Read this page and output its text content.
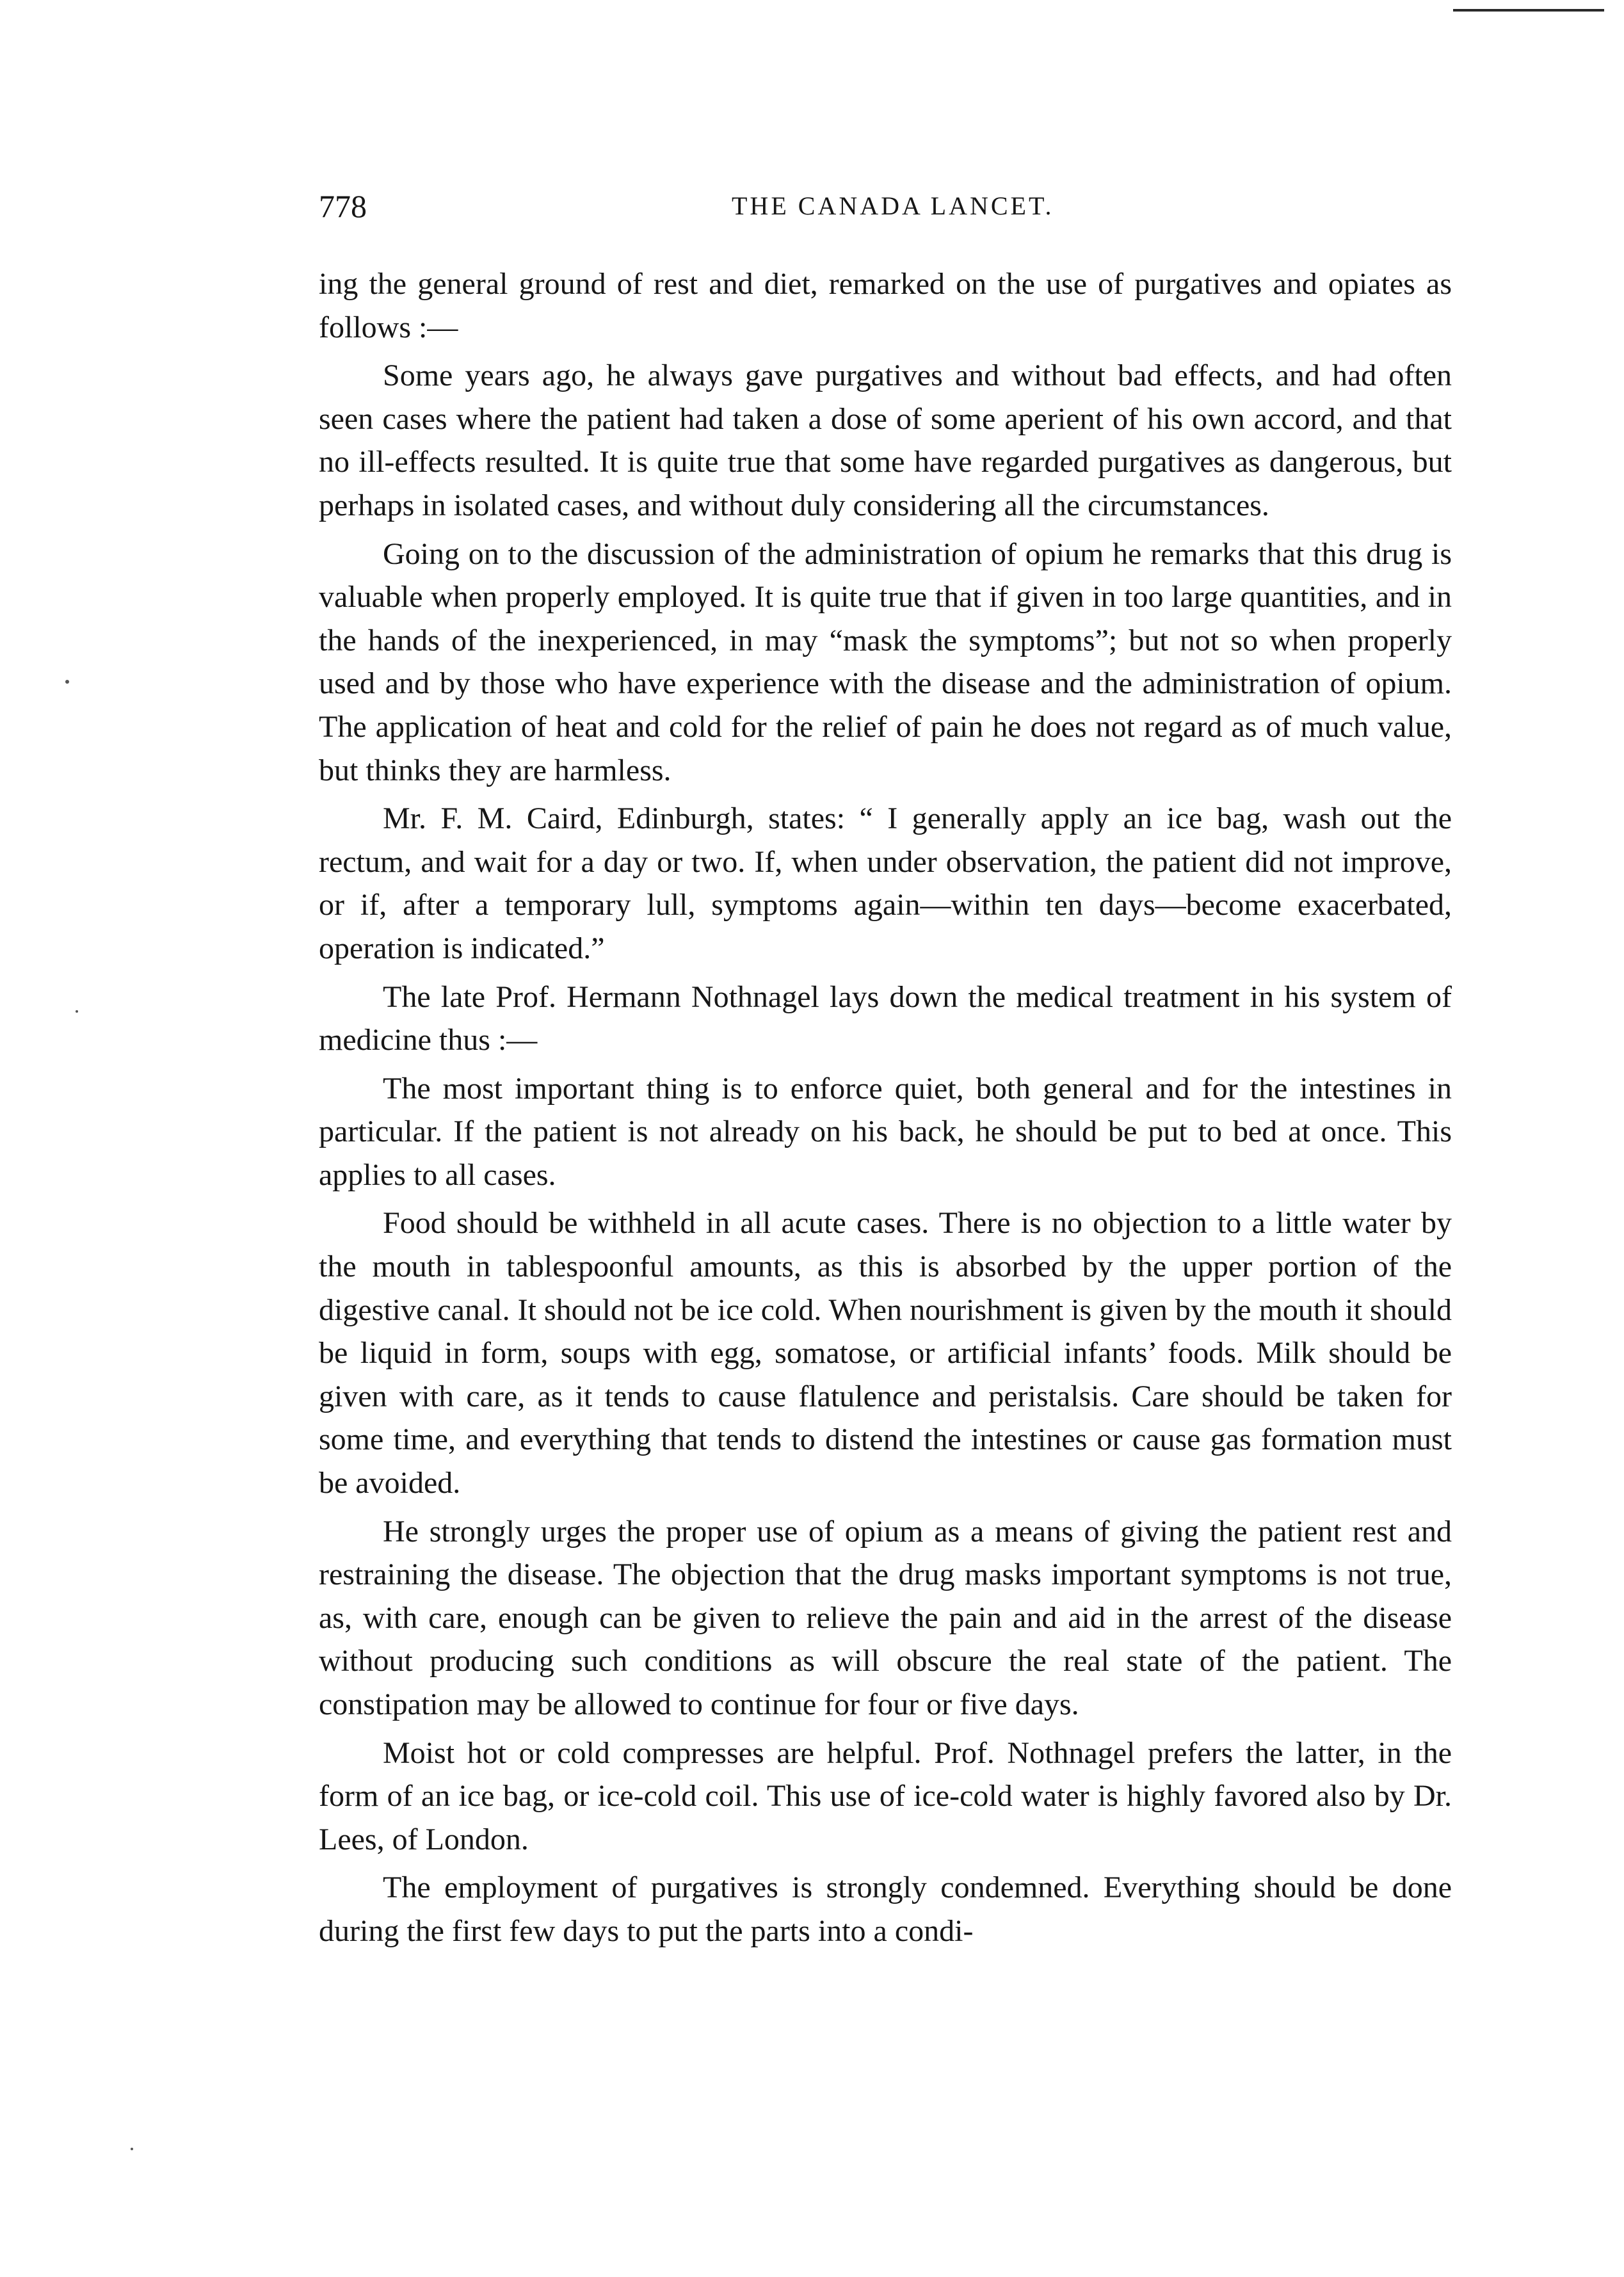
778	THE CANADA LANCET.

ing the general ground of rest and diet, remarked on the use of purgatives and opiates as follows :—

Some years ago, he always gave purgatives and without bad effects, and had often seen cases where the patient had taken a dose of some aperient of his own accord, and that no ill-effects resulted. It is quite true that some have regarded purgatives as dangerous, but perhaps in isolated cases, and without duly considering all the circumstances.

Going on to the discussion of the administration of opium he remarks that this drug is valuable when properly employed. It is quite true that if given in too large quantities, and in the hands of the inexperienced, in may “mask the symptoms”; but not so when properly used and by those who have experience with the disease and the administration of opium. The application of heat and cold for the relief of pain he does not regard as of much value, but thinks they are harmless.

Mr. F. M. Caird, Edinburgh, states: “ I generally apply an ice bag, wash out the rectum, and wait for a day or two. If, when under observation, the patient did not improve, or if, after a temporary lull, symptoms again—within ten days—become exacerbated, operation is indicated.”

The late Prof. Hermann Nothnagel lays down the medical treatment in his system of medicine thus :—

The most important thing is to enforce quiet, both general and for the intestines in particular. If the patient is not already on his back, he should be put to bed at once. This applies to all cases.

Food should be withheld in all acute cases. There is no objection to a little water by the mouth in tablespoonful amounts, as this is absorbed by the upper portion of the digestive canal. It should not be ice cold. When nourishment is given by the mouth it should be liquid in form, soups with egg, somatose, or artificial infants’ foods. Milk should be given with care, as it tends to cause flatulence and peristalsis. Care should be taken for some time, and everything that tends to distend the intestines or cause gas formation must be avoided.

He strongly urges the proper use of opium as a means of giving the patient rest and restraining the disease. The objection that the drug masks important symptoms is not true, as, with care, enough can be given to relieve the pain and aid in the arrest of the disease without producing such conditions as will obscure the real state of the patient. The constipation may be allowed to continue for four or five days.

Moist hot or cold compresses are helpful. Prof. Nothnagel prefers the latter, in the form of an ice bag, or ice-cold coil. This use of ice-cold water is highly favored also by Dr. Lees, of London.

The employment of purgatives is strongly condemned. Everything should be done during the first few days to put the parts into a condi-
